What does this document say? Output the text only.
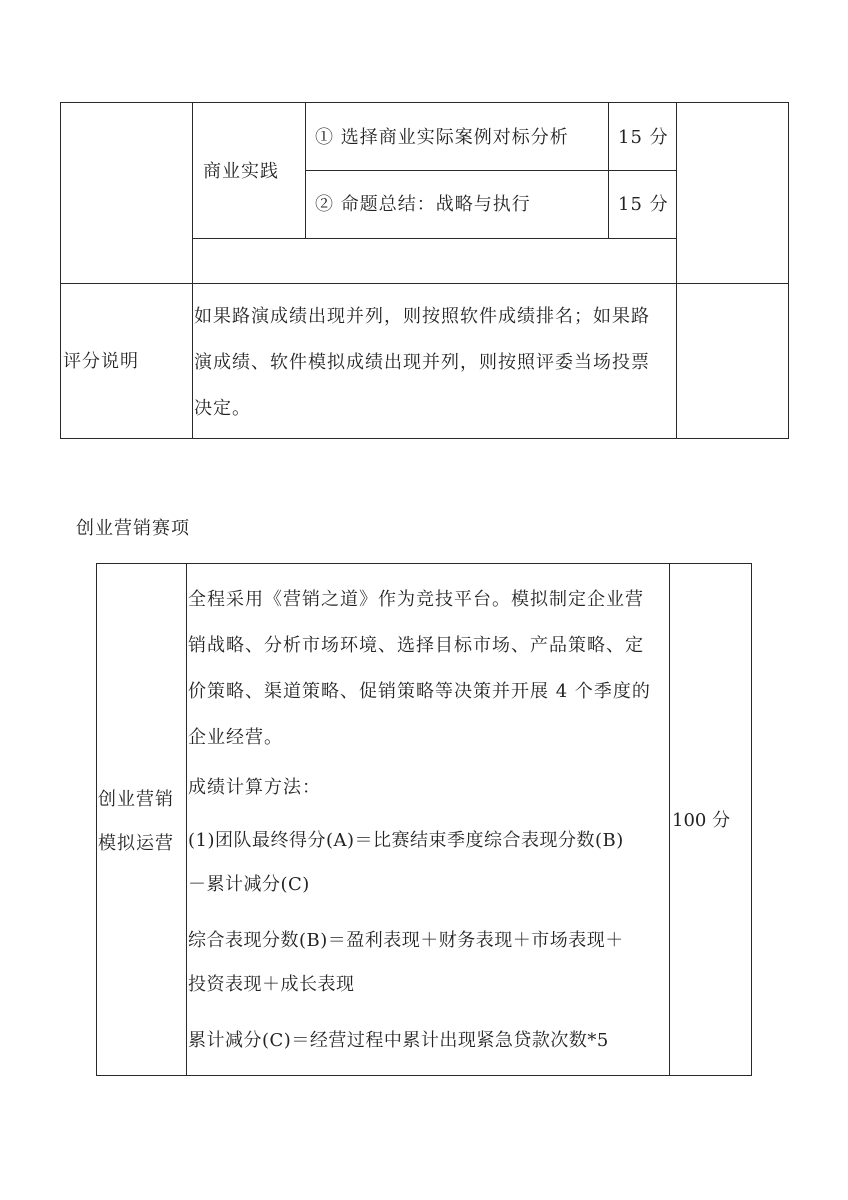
商业实践
① 选择商业实际案例对标分析	15 分
② 命题总结：战略与执行	15 分
评分说明
如果路演成绩出现并列，则按照软件成绩排名；如果路
演成绩、软件模拟成绩出现并列，则按照评委当场投票
决定。
创业营销赛项
创业营销
模拟运营
100 分
全程采用《营销之道》作为竞技平台。模拟制定企业营
销战略、分析市场环境、选择目标市场、产品策略、定
价策略、渠道策略、促销策略等决策并开展 4 个季度的
企业经营。
成绩计算方法：
(1)团队最终得分(A)＝比赛结束季度综合表现分数(B)
－累计减分(C)
综合表现分数(B)＝盈利表现＋财务表现＋市场表现＋
投资表现＋成长表现
累计减分(C)＝经营过程中累计出现紧急贷款次数*5
